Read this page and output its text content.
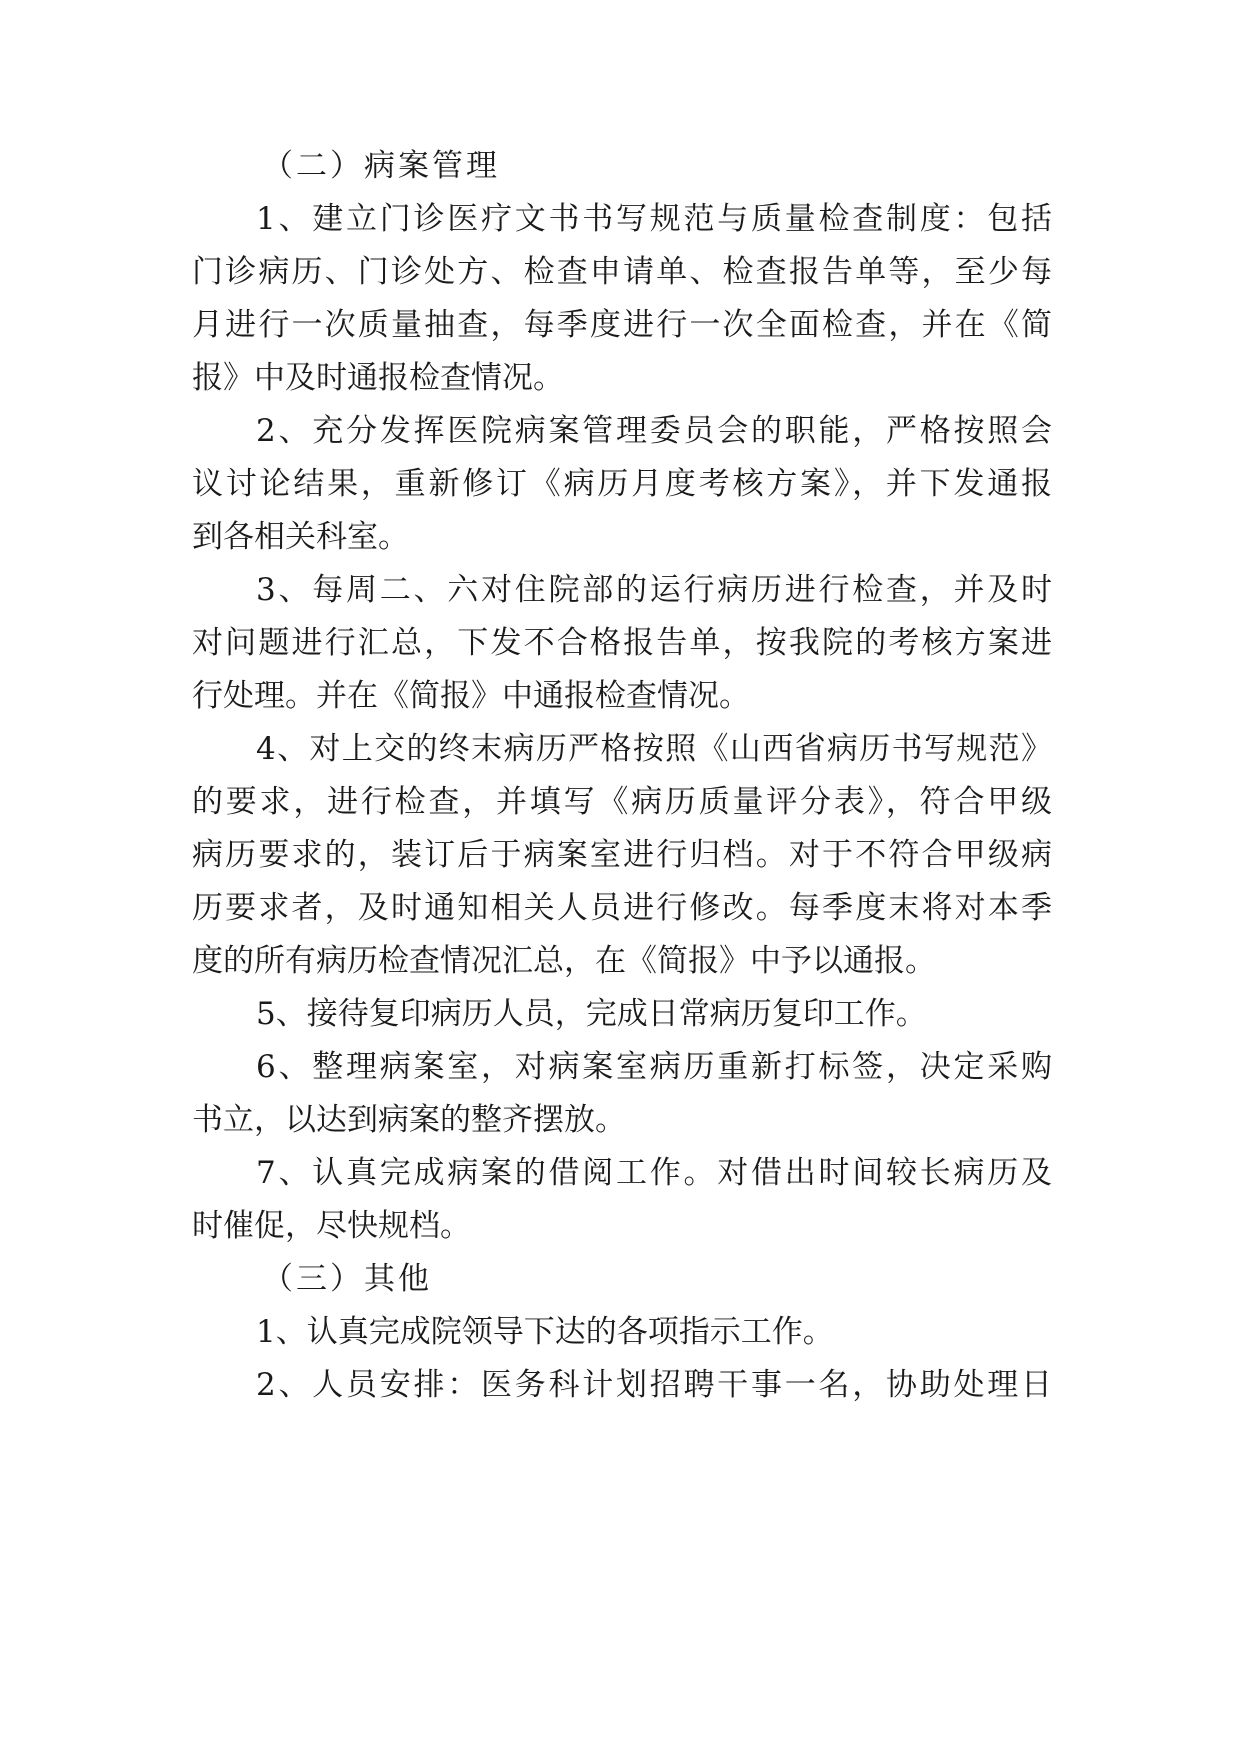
（二）病案管理
1、建立门诊医疗文书书写规范与质量检查制度：包括
门诊病历、门诊处方、检查申请单、检查报告单等，至少每
月进行一次质量抽查，每季度进行一次全面检查，并在《简
报》中及时通报检查情况。
2、充分发挥医院病案管理委员会的职能，严格按照会
议讨论结果，重新修订《病历月度考核方案》，并下发通报
到各相关科室。
3、每周二、六对住院部的运行病历进行检查，并及时
对问题进行汇总，下发不合格报告单，按我院的考核方案进
行处理。并在《简报》中通报检查情况。
4、对上交的终末病历严格按照《山西省病历书写规范》
的要求，进行检查，并填写《病历质量评分表》，符合甲级
病历要求的，装订后于病案室进行归档。对于不符合甲级病
历要求者，及时通知相关人员进行修改。每季度末将对本季
度的所有病历检查情况汇总，在《简报》中予以通报。
5、接待复印病历人员，完成日常病历复印工作。
6、整理病案室，对病案室病历重新打标签，决定采购
书立，以达到病案的整齐摆放。
7、认真完成病案的借阅工作。对借出时间较长病历及
时催促，尽快规档。
（三）其他
1、认真完成院领导下达的各项指示工作。
2、人员安排：医务科计划招聘干事一名，协助处理日
